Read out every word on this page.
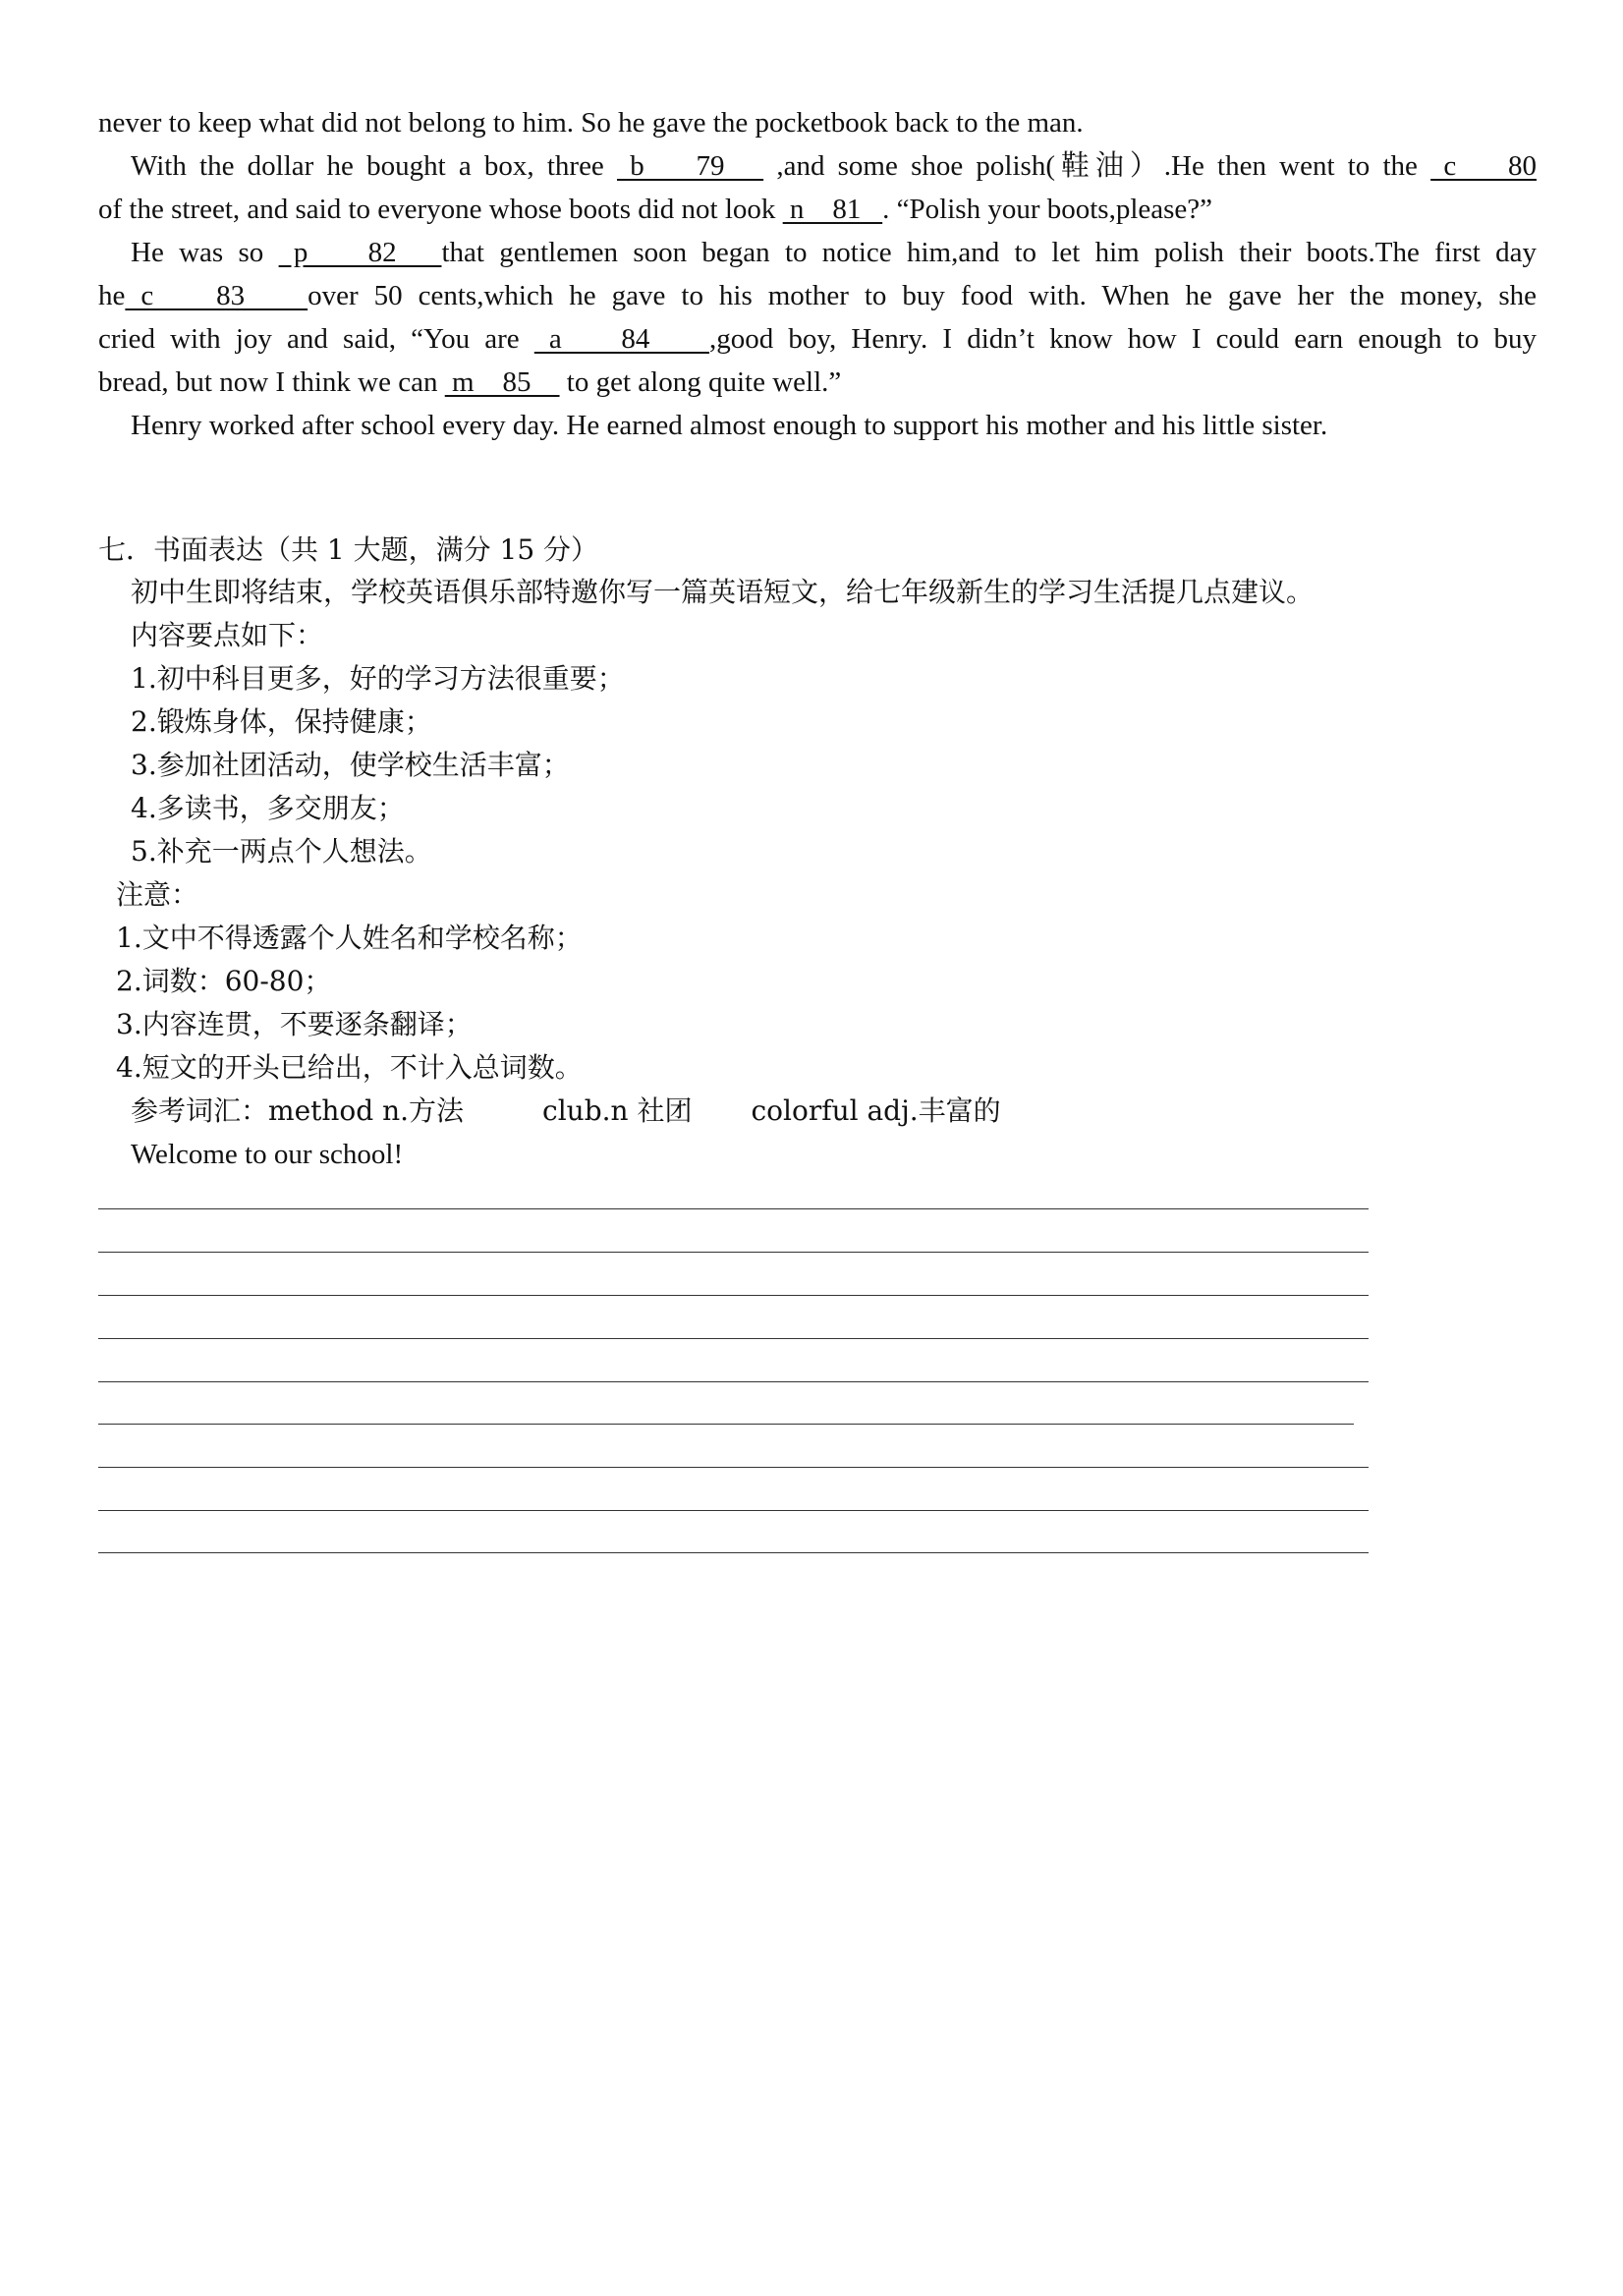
never to keep what did not belong to him. So he gave the pocketbook back to the man.
With the dollar he bought a box, three  b    79    ,and some shoe polish(鞋油）.He then went to the  c    80
of the street, and said to everyone whose boots did not look  n    81   . “Polish your boots,please?”
He was so  p    82   that gentlemen soon began to notice him,and to let him polish their boots.The first day
he c    83    over 50 cents,which he gave to his mother to buy food with. When he gave her the money, she
cried with joy and said, “You are  a    84    ,good boy, Henry. I didn’t know how I could earn enough to buy
bread, but now I think we can  m    85     to get along quite well.”
Henry worked after school every day. He earned almost enough to support his mother and his little sister.
七．书面表达（共 1 大题，满分 15 分）
初中生即将结束，学校英语俱乐部特邀你写一篇英语短文，给七年级新生的学习生活提几点建议。
内容要点如下：
1.初中科目更多，好的学习方法很重要；
2.锻炼身体，保持健康；
3.参加社团活动，使学校生活丰富；
4.多读书，多交朋友；
5.补充一两点个人想法。
注意：
1.文中不得透露个人姓名和学校名称；
2.词数：60-80；
3.内容连贯，不要逐条翻译；
4.短文的开头已给出，不计入总词数。
参考词汇：method n.方法	club.n 社团 colorful adj.丰富的
Welcome to our school!
